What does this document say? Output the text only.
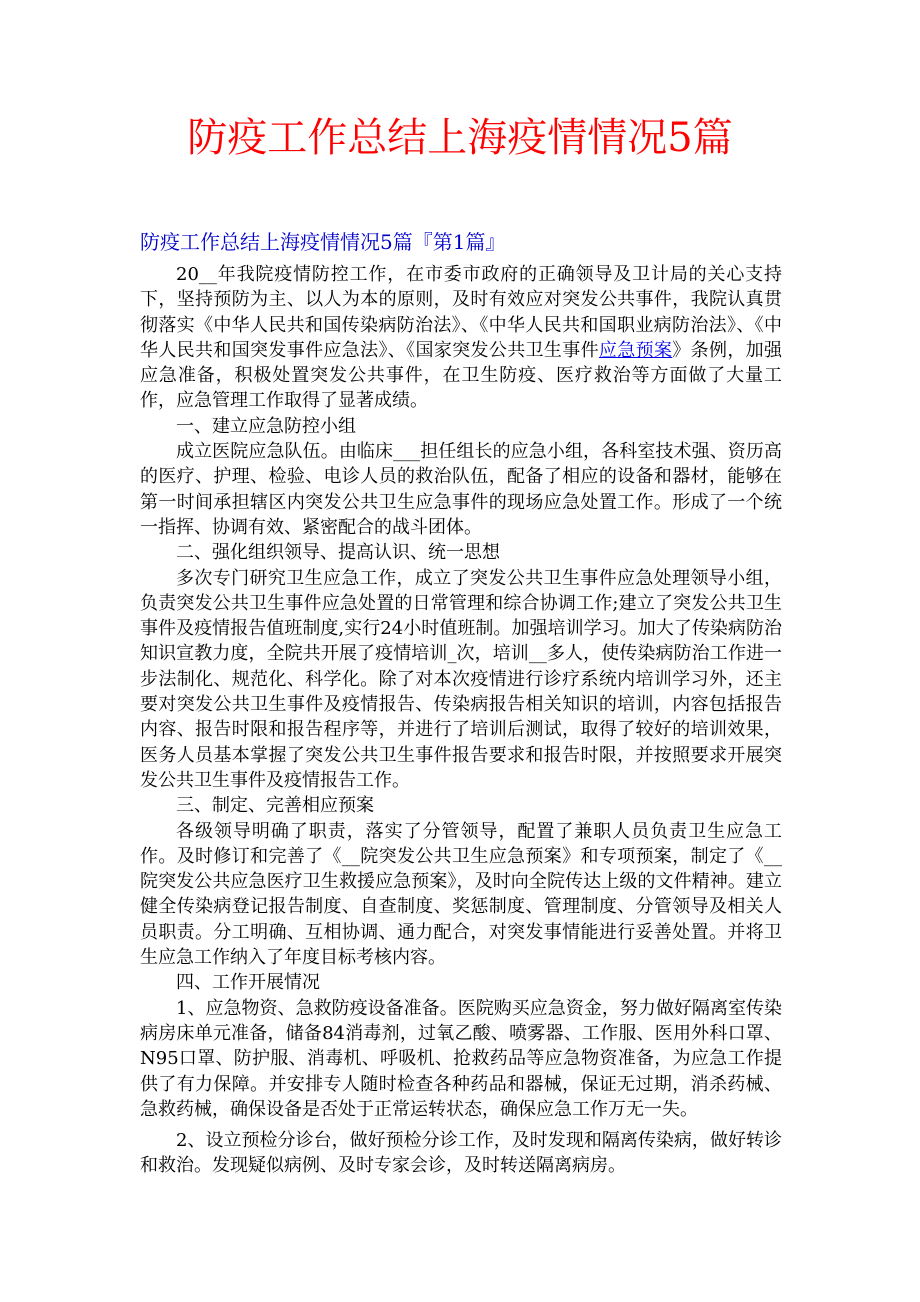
防疫工作总结上海疫情情况5篇
防疫工作总结上海疫情情况5篇『第1篇』

20__年我院疫情防控工作，在市委市政府的正确领导及卫计局的关心支持下，坚持预防为主、以人为本的原则，及时有效应对突发公共事件，我院认真贯彻落实《中华人民共和国传染病防治法》、《中华人民共和国职业病防治法》、《中华人民共和国突发事件应急法》、《国家突发公共卫生事件应急预案》条例，加强应急准备，积极处置突发公共事件，在卫生防疫、医疗救治等方面做了大量工作，应急管理工作取得了显著成绩。

一、建立应急防控小组

成立医院应急队伍。由临床___担任组长的应急小组，各科室技术强、资历高的医疗、护理、检验、电诊人员的救治队伍，配备了相应的设备和器材，能够在第一时间承担辖区内突发公共卫生应急事件的现场应急处置工作。形成了一个统一指挥、协调有效、紧密配合的战斗团体。

二、强化组织领导、提高认识、统一思想

多次专门研究卫生应急工作，成立了突发公共卫生事件应急处理领导小组，负责突发公共卫生事件应急处置的日常管理和综合协调工作;建立了突发公共卫生事件及疫情报告值班制度,实行24小时值班制。加强培训学习。加大了传染病防治知识宣教力度，全院共开展了疫情培训_次，培训__多人，使传染病防治工作进一步法制化、规范化、科学化。除了对本次疫情进行诊疗系统内培训学习外，还主要对突发公共卫生事件及疫情报告、传染病报告相关知识的培训，内容包括报告内容、报告时限和报告程序等，并进行了培训后测试，取得了较好的培训效果，医务人员基本掌握了突发公共卫生事件报告要求和报告时限，并按照要求开展突发公共卫生事件及疫情报告工作。

三、制定、完善相应预案

各级领导明确了职责，落实了分管领导，配置了兼职人员负责卫生应急工作。及时修订和完善了《__院突发公共卫生应急预案》和专项预案，制定了《__院突发公共应急医疗卫生救援应急预案》，及时向全院传达上级的文件精神。建立健全传染病登记报告制度、自查制度、奖惩制度、管理制度、分管领导及相关人员职责。分工明确、互相协调、通力配合，对突发事情能进行妥善处置。并将卫生应急工作纳入了年度目标考核内容。

四、工作开展情况

1、应急物资、急救防疫设备准备。医院购买应急资金，努力做好隔离室传染病房床单元准备，储备84消毒剂，过氧乙酸、喷雾器、工作服、医用外科口罩、N95口罩、防护服、消毒机、呼吸机、抢救药品等应急物资准备，为应急工作提供了有力保障。并安排专人随时检查各种药品和器械，保证无过期，消杀药械、急救药械，确保设备是否处于正常运转状态，确保应急工作万无一失。

2、设立预检分诊台，做好预检分诊工作，及时发现和隔离传染病，做好转诊和救治。发现疑似病例、及时专家会诊，及时转送隔离病房。
